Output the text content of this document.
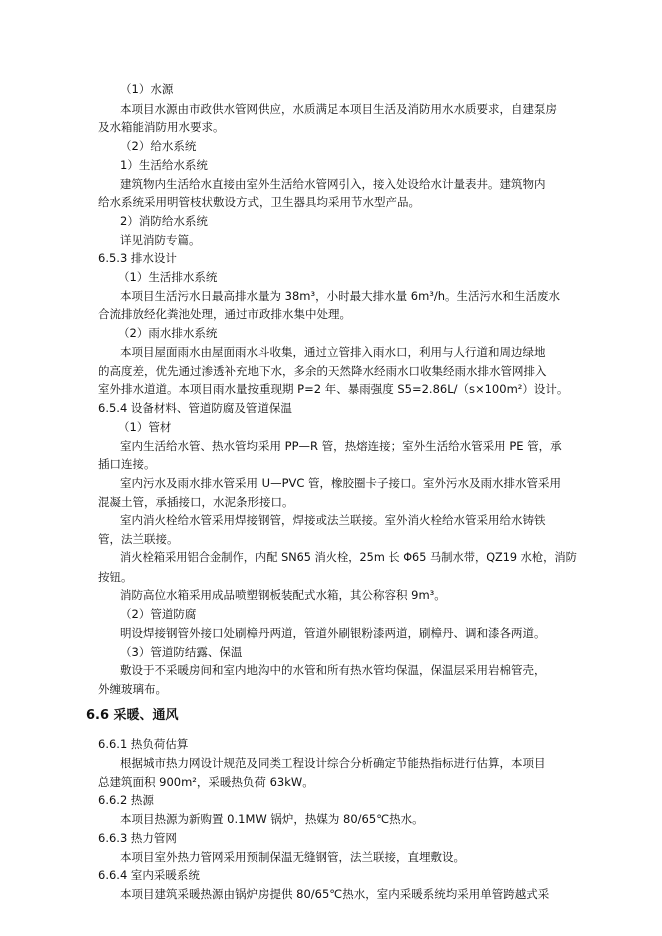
（1）水源
本项目水源由市政供水管网供应，水质满足本项目生活及消防用水水质要求，自建泵房
及水箱能消防用水要求。
（2）给水系统
1）生活给水系统
建筑物内生活给水直接由室外生活给水管网引入，接入处设给水计量表井。建筑物内
给水系统采用明管枝状敷设方式，卫生器具均采用节水型产品。
2）消防给水系统
详见消防专篇。
6.5.3 排水设计
（1）生活排水系统
本项目生活污水日最高排水量为 38m³，小时最大排水量 6m³/h。生活污水和生活废水
合流排放经化粪池处理，通过市政排水集中处理。
（2）雨水排水系统
本项目屋面雨水由屋面雨水斗收集，通过立管排入雨水口，利用与人行道和周边绿地
的高度差，优先通过渗透补充地下水，多余的天然降水经雨水口收集经雨水排水管网排入
室外排水道道。本项目雨水量按重现期 P=2 年、暴雨强度 S5=2.86L/（s×100m²）设计。
6.5.4 设备材料、管道防腐及管道保温
（1）管材
室内生活给水管、热水管均采用 PP—R 管，热熔连接；室外生活给水管采用 PE 管，承
插口连接。
室内污水及雨水排水管采用 U—PVC 管，橡胶圈卡子接口。室外污水及雨水排水管采用
混凝土管，承插接口，水泥条形接口。
室内消火栓给水管采用焊接钢管，焊接或法兰联接。室外消火栓给水管采用给水铸铁
管，法兰联接。
消火栓箱采用铝合金制作，内配 SN65 消火栓，25m 长 Φ65 马制水带，QZ19 水枪，消防
按钮。
消防高位水箱采用成品喷塑钢板装配式水箱，其公称容积 9m³。
（2）管道防腐
明设焊接钢管外接口处刷樟丹两道，管道外刷银粉漆两道，刷樟丹、调和漆各两道。
（3）管道防结露、保温
敷设于不采暖房间和室内地沟中的水管和所有热水管均保温，保温层采用岩棉管壳，
外缠玻璃布。
6.6 采暖、通风
6.6.1 热负荷估算
根据城市热力网设计规范及同类工程设计综合分析确定节能热指标进行估算，本项目
总建筑面积 900m²，采暖热负荷 63kW。
6.6.2 热源
本项目热源为新购置 0.1MW 锅炉，热媒为 80/65℃热水。
6.6.3 热力管网
本项目室外热力管网采用预制保温无缝钢管，法兰联接，直埋敷设。
6.6.4 室内采暖系统
本项目建筑采暖热源由锅炉房提供 80/65℃热水，室内采暖系统均采用单管跨越式采
